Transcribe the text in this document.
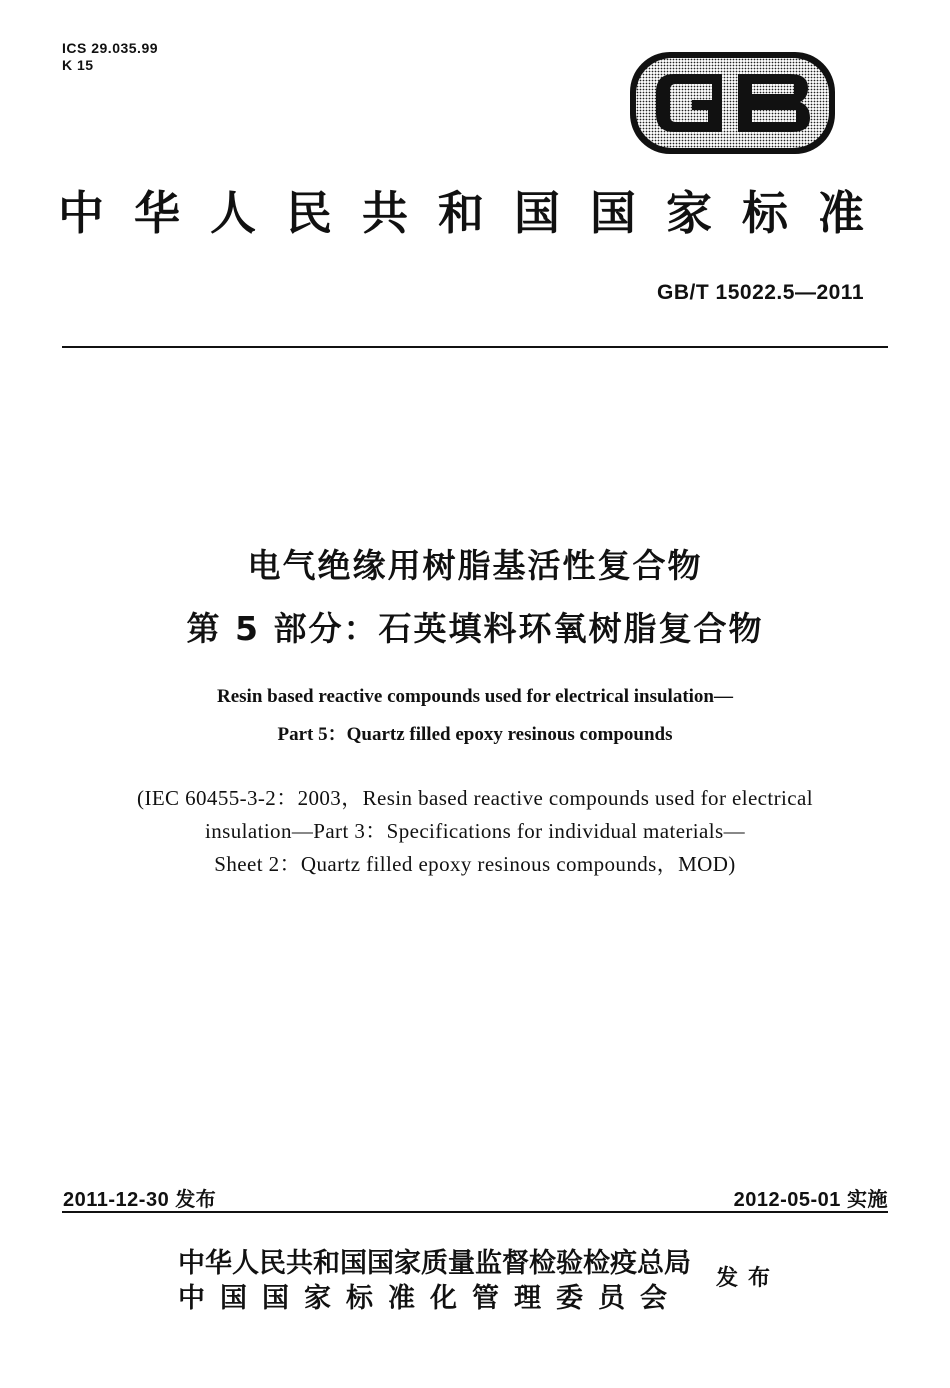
ICS 29.035.99
K 15
中华人民共和国国家标准
GB/T 15022.5—2011
电气绝缘用树脂基活性复合物
第 5 部分：石英填料环氧树脂复合物
Resin based reactive compounds used for electrical insulation—
Part 5：Quartz filled epoxy resinous compounds
(IEC 60455-3-2：2003，Resin based reactive compounds used for electrical
insulation—Part 3：Specifications for individual materials—
Sheet 2：Quartz filled epoxy resinous compounds，MOD)
2011-12-30 发布	2012-05-01 实施
中华人民共和国国家质量监督检验检疫总局
中国国家标准化管理委员会
发布
